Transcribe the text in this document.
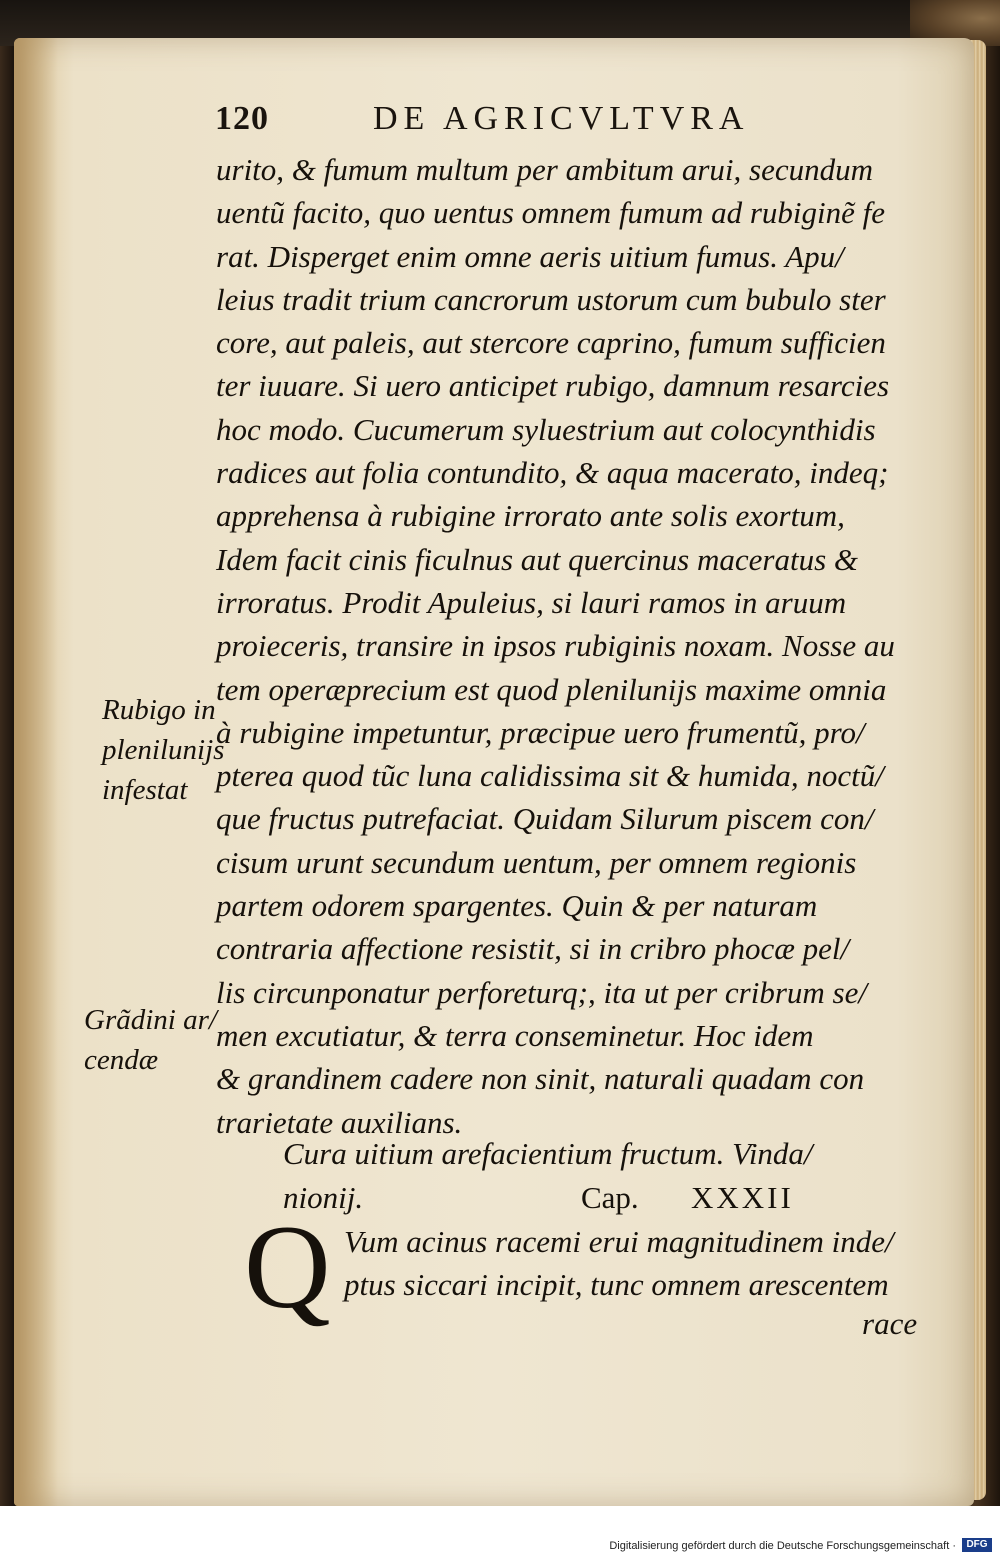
120	DE AGRICVLTVRA
urito, & fumum multum per ambitum arui, secundum
uentũ facito, quo uentus omnem fumum ad rubiginẽ fe
rat. Disperget enim omne aeris uitium fumus. Apu/
leius tradit trium cancrorum ustorum cum bubulo ster
core, aut paleis, aut stercore caprino, fumum sufficien
ter iuuare. Si uero anticipet rubigo, damnum resarcies
hoc modo. Cucumerum syluestrium aut colocynthidis
radices aut folia contundito, & aqua macerato, indeq;
apprehensa à rubigine irrorato ante solis exortum,
Idem facit cinis ficulnus aut quercinus maceratus &
irroratus. Prodit Apuleius, si lauri ramos in aruum
proieceris, transire in ipsos rubiginis noxam. Nosse au
tem operæprecium est quod plenilunijs maxime omnia
à rubigine impetuntur, præcipue uero frumentũ, pro/
pterea quod tũc luna calidissima sit & humida, noctũ/
que fructus putrefaciat. Quidam Silurum piscem con/
cisum urunt secundum uentum, per omnem regionis
partem odorem spargentes. Quin & per naturam
contraria affectione resistit, si in cribro phocæ pel/
lis circunponatur perforeturq;, ita ut per cribrum se/
men excutiatur, & terra conseminetur. Hoc idem
& grandinem cadere non sinit, naturali quadam con
trarietate auxilians.
Rubigo in
plenilunijs
infestat
Grãdini ar/
cendæ
Cura uitium arefacientium fructum. Vinda/
nionij.	Cap. XXXII
Q Vum acinus racemi erui magnitudinem inde/
ptus siccari incipit, tunc omnem arescentem
race
Digitalisierung gefördert durch die Deutsche Forschungsgemeinschaft ·	DFG
